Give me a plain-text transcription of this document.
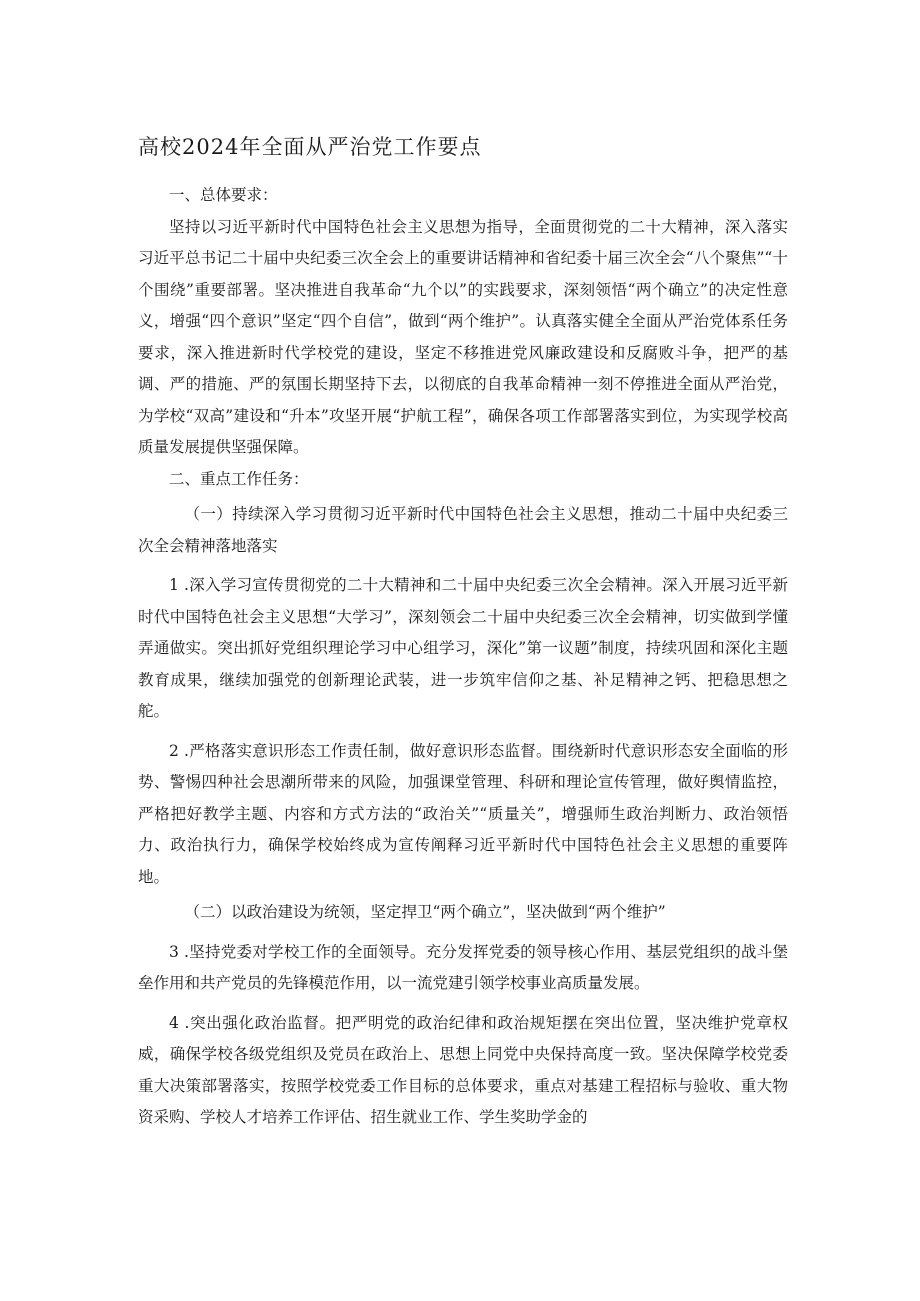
高校2024年全面从严治党工作要点

一、总体要求：

坚持以习近平新时代中国特色社会主义思想为指导，全面贯彻党的二十大精神，深入落实习近平总书记二十届中央纪委三次全会上的重要讲话精神和省纪委十届三次全会“八个聚焦”“十个围绕”重要部署。坚决推进自我革命“九个以”的实践要求，深刻领悟“两个确立”的决定性意义，增强“四个意识”坚定“四个自信”，做到“两个维护”。认真落实健全全面从严治党体系任务要求，深入推进新时代学校党的建设，坚定不移推进党风廉政建设和反腐败斗争，把严的基调、严的措施、严的氛围长期坚持下去，以彻底的自我革命精神一刻不停推进全面从严治党，为学校“双高”建设和“升本”攻坚开展“护航工程”，确保各项工作部署落实到位，为实现学校高质量发展提供坚强保障。

二、重点工作任务：

（一）持续深入学习贯彻习近平新时代中国特色社会主义思想，推动二十届中央纪委三次全会精神落地落实

1 .深入学习宣传贯彻党的二十大精神和二十届中央纪委三次全会精神。深入开展习近平新时代中国特色社会主义思想“大学习”，深刻领会二十届中央纪委三次全会精神，切实做到学懂弄通做实。突出抓好党组织理论学习中心组学习，深化”第一议题”制度，持续巩固和深化主题教育成果，继续加强党的创新理论武装，进一步筑牢信仰之基、补足精神之钙、把稳思想之舵。

2 .严格落实意识形态工作责任制，做好意识形态监督。围绕新时代意识形态安全面临的形势、警惕四种社会思潮所带来的风险，加强课堂管理、科研和理论宣传管理，做好舆情监控，严格把好教学主题、内容和方式方法的“政治关”“质量关”，增强师生政治判断力、政治领悟力、政治执行力，确保学校始终成为宣传阐释习近平新时代中国特色社会主义思想的重要阵地。

（二）以政治建设为统领，坚定捍卫“两个确立”，坚决做到“两个维护”

3 .坚持党委对学校工作的全面领导。充分发挥党委的领导核心作用、基层党组织的战斗堡垒作用和共产党员的先锋模范作用，以一流党建引领学校事业高质量发展。

4 .突出强化政治监督。把严明党的政治纪律和政治规矩摆在突出位置，坚决维护党章权威，确保学校各级党组织及党员在政治上、思想上同党中央保持高度一致。坚决保障学校党委重大决策部署落实，按照学校党委工作目标的总体要求，重点对基建工程招标与验收、重大物资采购、学校人才培养工作评估、招生就业工作、学生奖助学金的
